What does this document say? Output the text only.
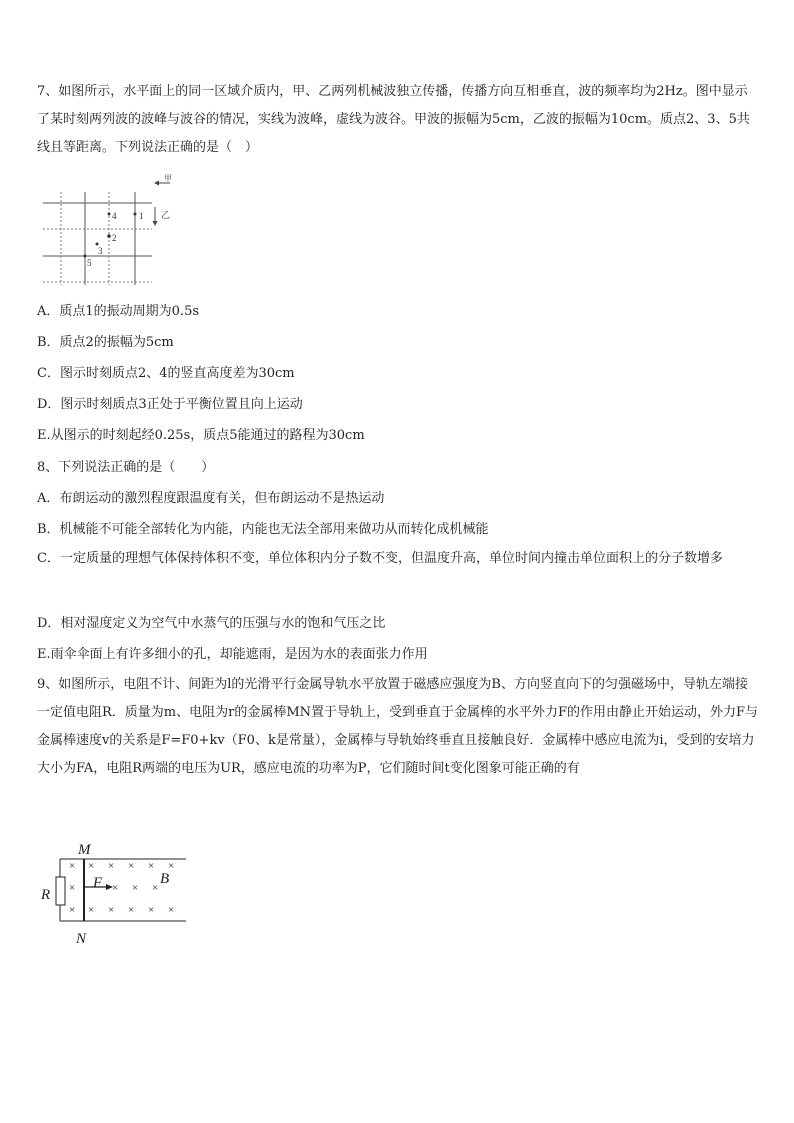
7、如图所示，水平面上的同一区域介质内，甲、乙两列机械波独立传播，传播方向互相垂直，波的频率均为2Hz。图中显示了某时刻两列波的波峰与波谷的情况，实线为波峰，虚线为波谷。甲波的振幅为5cm，乙波的振幅为10cm。质点2、3、5共线且等距离。下列说法正确的是（　）

甲
乙
1
4
2
3
5

A．质点1的振动周期为0.5s

B．质点2的振幅为5cm

C．图示时刻质点2、4的竖直高度差为30cm

D．图示时刻质点3正处于平衡位置且向上运动

E.从图示的时刻起经0.25s，质点5能通过的路程为30cm

8、下列说法正确的是（　　）

A．布朗运动的激烈程度跟温度有关，但布朗运动不是热运动

B．机械能不可能全部转化为内能，内能也无法全部用来做功从而转化成机械能

C．一定质量的理想气体保持体积不变，单位体积内分子数不变，但温度升高，单位时间内撞击单位面积上的分子数增多

D．相对湿度定义为空气中水蒸气的压强与水的饱和气压之比

E.雨伞伞面上有许多细小的孔，却能遮雨，是因为水的表面张力作用

9、如图所示，电阻不计、间距为l的光滑平行金属导轨水平放置于磁感应强度为B、方向竖直向下的匀强磁场中，导轨左端接一定值电阻R．质量为m、电阻为r的金属棒MN置于导轨上，受到垂直于金属棒的水平外力F的作用由静止开始运动，外力F与金属棒速度v的关系是F=F0+kv（F0、k是常量），金属棒与导轨始终垂直且接触良好．金属棒中感应电流为i，受到的安培力大小为FA，电阻R两端的电压为UR，感应电流的功率为P，它们随时间t变化图象可能正确的有

M
N
R
B
F
×
×
×
× × × × ×
× × ×
× × × × ×
